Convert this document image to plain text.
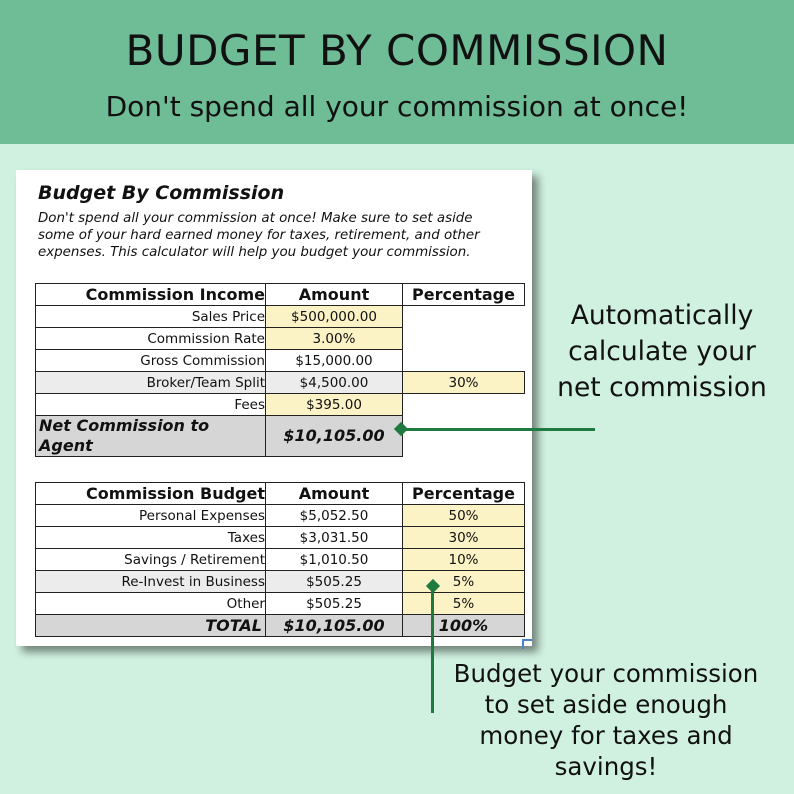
BUDGET BY COMMISSION
Don't spend all your commission at once!
Budget By Commission
Don't spend all your commission at once! Make sure to set aside some of your hard earned money for taxes, retirement, and other expenses. This calculator will help you budget your commission.
Commission Income	Amount	Percentage
Sales Price	$500,000.00	
Commission Rate	3.00%	
Gross Commission	$15,000.00	
Broker/Team Split	$4,500.00	30%
Fees	$395.00	
Net Commission to Agent	$10,105.00	
Commission Budget	Amount	Percentage
Personal Expenses	$5,052.50	50%
Taxes	$3,031.50	30%
Savings / Retirement	$1,010.50	10%
Re-Invest in Business	$505.25	5%
Other	$505.25	5%
TOTAL	$10,105.00	100%
Automatically
calculate your
net commission
Budget your commission
to set aside enough
money for taxes and
savings!
